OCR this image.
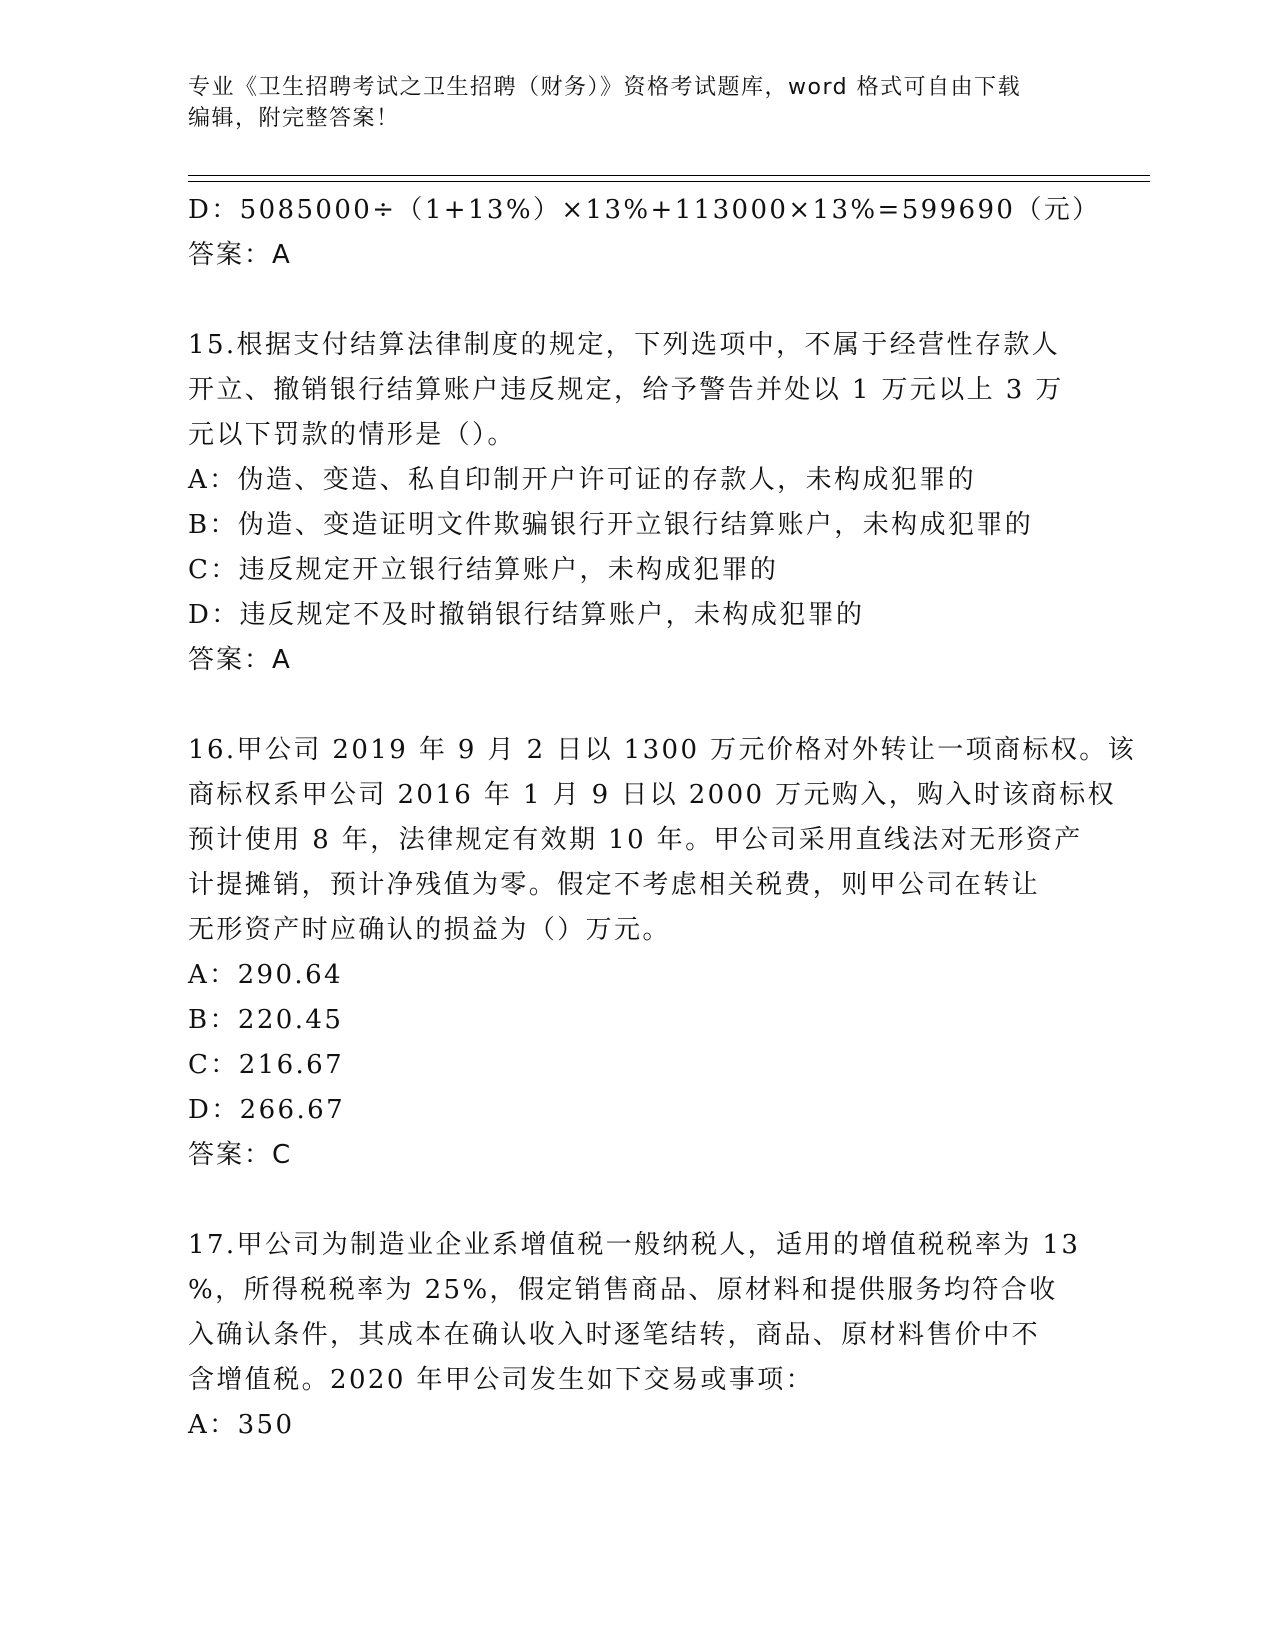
专业《卫生招聘考试之卫生招聘（财务）》资格考试题库，word 格式可自由下载
编辑，附完整答案！
D：5085000÷（1+13%）×13%+113000×13%=599690（元）
答案：A
15.根据支付结算法律制度的规定，下列选项中，不属于经营性存款人
开立、撤销银行结算账户违反规定，给予警告并处以 1 万元以上 3 万
元以下罚款的情形是（）。
A：伪造、变造、私自印制开户许可证的存款人，未构成犯罪的
B：伪造、变造证明文件欺骗银行开立银行结算账户，未构成犯罪的
C：违反规定开立银行结算账户，未构成犯罪的
D：违反规定不及时撤销银行结算账户，未构成犯罪的
答案：A
16.甲公司 2019 年 9 月 2 日以 1300 万元价格对外转让一项商标权。该
商标权系甲公司 2016 年 1 月 9 日以 2000 万元购入，购入时该商标权
预计使用 8 年，法律规定有效期 10 年。甲公司采用直线法对无形资产
计提摊销，预计净残值为零。假定不考虑相关税费，则甲公司在转让
无形资产时应确认的损益为（）万元。
A：290.64
B：220.45
C：216.67
D：266.67
答案：C
17.甲公司为制造业企业系增值税一般纳税人，适用的增值税税率为 13
%，所得税税率为 25%，假定销售商品、原材料和提供服务均符合收
入确认条件，其成本在确认收入时逐笔结转，商品、原材料售价中不
含增值税。2020 年甲公司发生如下交易或事项：
A：350
